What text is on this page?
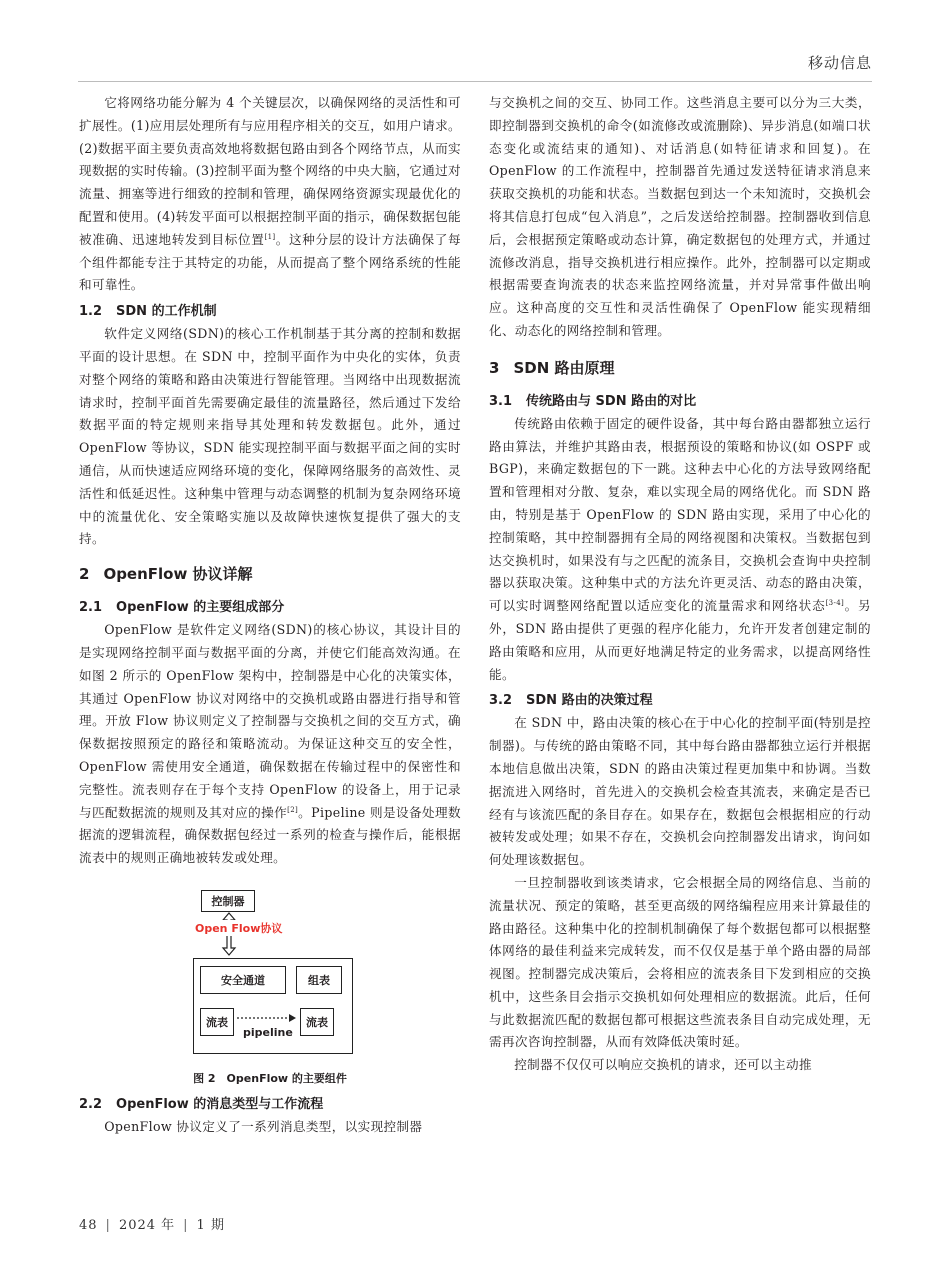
移动信息

它将网络功能分解为 4 个关键层次，以确保网络的灵活性和可扩展性。(1)应用层处理所有与应用程序相关的交互，如用户请求。(2)数据平面主要负责高效地将数据包路由到各个网络节点，从而实现数据的实时传输。(3)控制平面为整个网络的中央大脑，它通过对流量、拥塞等进行细致的控制和管理，确保网络资源实现最优化的配置和使用。(4)转发平面可以根据控制平面的指示，确保数据包能被准确、迅速地转发到目标位置[1]。这种分层的设计方法确保了每个组件都能专注于其特定的功能，从而提高了整个网络系统的性能和可靠性。

1.2 SDN 的工作机制

软件定义网络(SDN)的核心工作机制基于其分离的控制和数据平面的设计思想。在 SDN 中，控制平面作为中央化的实体，负责对整个网络的策略和路由决策进行智能管理。当网络中出现数据流请求时，控制平面首先需要确定最佳的流量路径，然后通过下发给数据平面的特定规则来指导其处理和转发数据包。此外，通过 OpenFlow 等协议，SDN 能实现控制平面与数据平面之间的实时通信，从而快速适应网络环境的变化，保障网络服务的高效性、灵活性和低延迟性。这种集中管理与动态调整的机制为复杂网络环境中的流量优化、安全策略实施以及故障快速恢复提供了强大的支持。

2 OpenFlow 协议详解
2.1 OpenFlow 的主要组成部分

OpenFlow 是软件定义网络(SDN)的核心协议，其设计目的是实现网络控制平面与数据平面的分离，并使它们能高效沟通。在如图 2 所示的 OpenFlow 架构中，控制器是中心化的决策实体，其通过 OpenFlow 协议对网络中的交换机或路由器进行指导和管理。开放 Flow 协议则定义了控制器与交换机之间的交互方式，确保数据按照预定的路径和策略流动。为保证这种交互的安全性，OpenFlow 需使用安全通道，确保数据在传输过程中的保密性和完整性。流表则存在于每个支持 OpenFlow 的设备上，用于记录与匹配数据流的规则及其对应的操作[2]。Pipeline 则是设备处理数据流的逻辑流程，确保数据包经过一系列的检查与操作后，能根据流表中的规则正确地被转发或处理。

控制器
Open Flow协议
安全通道	组表
流表	流表
pipeline
图 2　OpenFlow 的主要组件
2.2 OpenFlow 的消息类型与工作流程

OpenFlow 协议定义了一系列消息类型，以实现控制器

与交换机之间的交互、协同工作。这些消息主要可以分为三大类，即控制器到交换机的命令(如流修改或流删除)、异步消息(如端口状态变化或流结束的通知)、对话消息(如特征请求和回复)。在 OpenFlow 的工作流程中，控制器首先通过发送特征请求消息来获取交换机的功能和状态。当数据包到达一个未知流时，交换机会将其信息打包成“包入消息”，之后发送给控制器。控制器收到信息后，会根据预定策略或动态计算，确定数据包的处理方式，并通过流修改消息，指导交换机进行相应操作。此外，控制器可以定期或根据需要查询流表的状态来监控网络流量，并对异常事件做出响应。这种高度的交互性和灵活性确保了 OpenFlow 能实现精细化、动态化的网络控制和管理。

3 SDN 路由原理
3.1 传统路由与 SDN 路由的对比

传统路由依赖于固定的硬件设备，其中每台路由器都独立运行路由算法，并维护其路由表，根据预设的策略和协议(如 OSPF 或 BGP)，来确定数据包的下一跳。这种去中心化的方法导致网络配置和管理相对分散、复杂，难以实现全局的网络优化。而 SDN 路由，特别是基于 OpenFlow 的 SDN 路由实现，采用了中心化的控制策略，其中控制器拥有全局的网络视图和决策权。当数据包到达交换机时，如果没有与之匹配的流条目，交换机会查询中央控制器以获取决策。这种集中式的方法允许更灵活、动态的路由决策，可以实时调整网络配置以适应变化的流量需求和网络状态[3-4]。另外，SDN 路由提供了更强的程序化能力，允许开发者创建定制的路由策略和应用，从而更好地满足特定的业务需求，以提高网络性能。

3.2 SDN 路由的决策过程

在 SDN 中，路由决策的核心在于中心化的控制平面(特别是控制器)。与传统的路由策略不同，其中每台路由器都独立运行并根据本地信息做出决策，SDN 的路由决策过程更加集中和协调。当数据流进入网络时，首先进入的交换机会检查其流表，来确定是否已经有与该流匹配的条目存在。如果存在，数据包会根据相应的行动被转发或处理；如果不存在，交换机会向控制器发出请求，询问如何处理该数据包。

一旦控制器收到该类请求，它会根据全局的网络信息、当前的流量状况、预定的策略，甚至更高级的网络编程应用来计算最佳的路由路径。这种集中化的控制机制确保了每个数据包都可以根据整体网络的最佳利益来完成转发，而不仅仅是基于单个路由器的局部视图。控制器完成决策后，会将相应的流表条目下发到相应的交换机中，这些条目会指示交换机如何处理相应的数据流。此后，任何与此数据流匹配的数据包都可根据这些流表条目自动完成处理，无需再次咨询控制器，从而有效降低决策时延。

控制器不仅仅可以响应交换机的请求，还可以主动推

48 | 2024 年 | 1 期
